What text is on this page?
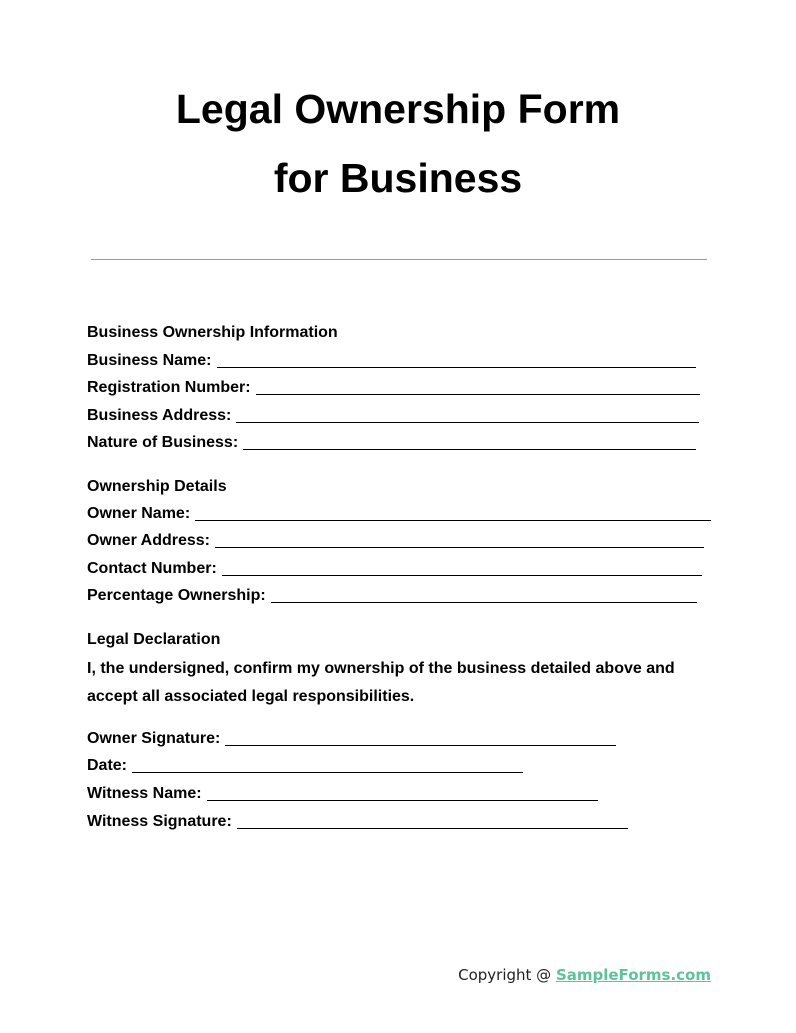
Legal Ownership Form
for Business
Business Ownership Information
Business Name:
Registration Number:
Business Address:
Nature of Business:
Ownership Details
Owner Name:
Owner Address:
Contact Number:
Percentage Ownership:
Legal Declaration
I, the undersigned, confirm my ownership of the business detailed above and accept all associated legal responsibilities.
Owner Signature:
Date:
Witness Name:
Witness Signature:
Copyright @ SampleForms.com
